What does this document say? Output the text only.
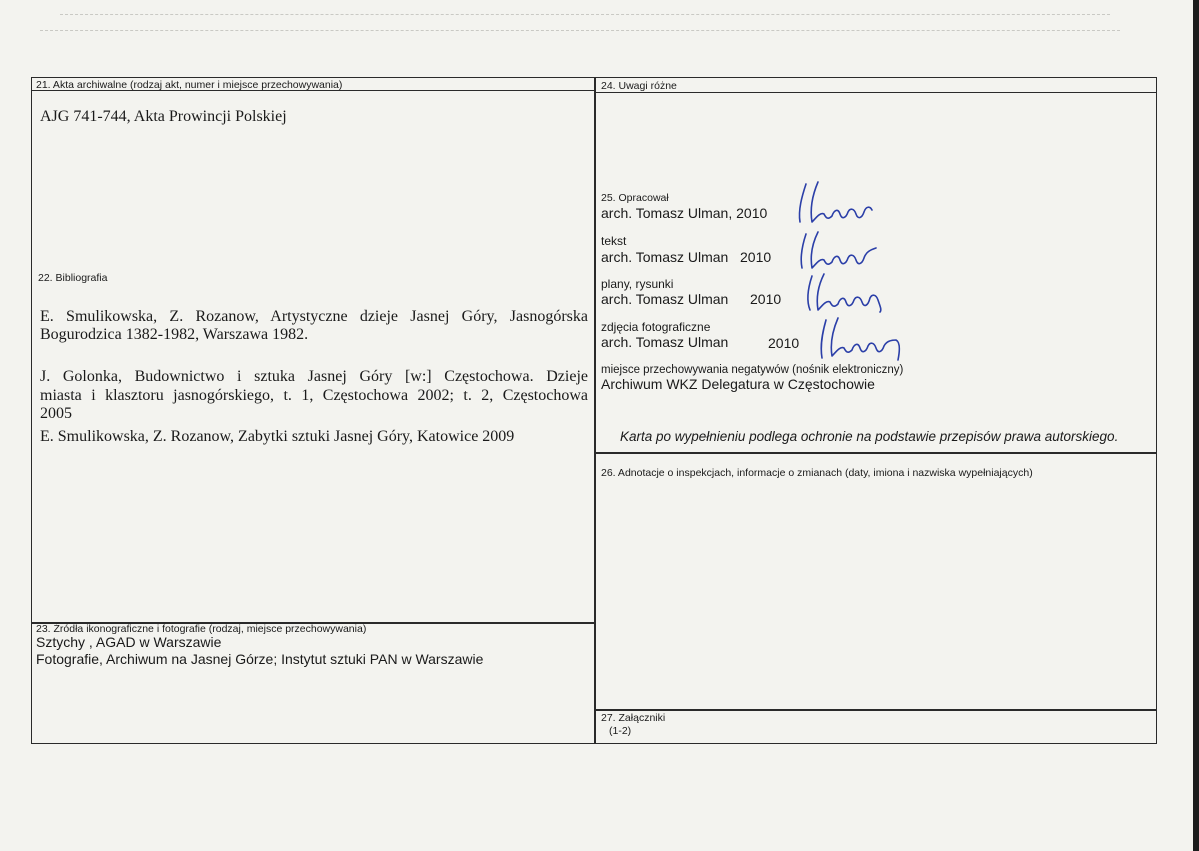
21. Akta archiwalne (rodzaj akt, numer i miejsce przechowywania)
AJG 741-744, Akta Prowincji Polskiej
22. Bibliografia
E. Smulikowska, Z. Rozanow, Artystyczne dzieje Jasnej Góry, Jasnogórska
Bogurodzica 1382-1982, Warszawa 1982.
J. Golonka, Budownictwo i sztuka Jasnej Góry [w:] Częstochowa. Dzieje
miasta i klasztoru jasnogórskiego, t. 1, Częstochowa 2002; t. 2, Częstochowa
2005
E. Smulikowska, Z. Rozanow, Zabytki sztuki Jasnej Góry, Katowice 2009
23. Źródła ikonograficzne i fotografie (rodzaj, miejsce przechowywania)
Sztychy , AGAD w Warszawie
Fotografie, Archiwum na Jasnej Górze; Instytut sztuki PAN w Warszawie
24. Uwagi różne
25. Opracował
arch. Tomasz Ulman, 2010
tekst
arch. Tomasz Ulman 2010
plany, rysunki
arch. Tomasz Ulman 2010
zdjęcia fotograficzne
arch. Tomasz Ulman	2010
miejsce przechowywania negatywów (nośnik elektroniczny)
Archiwum WKZ Delegatura w Częstochowie
Karta po wypełnieniu podlega ochronie na podstawie przepisów prawa autorskiego.
26. Adnotacje o inspekcjach, informacje o zmianach (daty, imiona i nazwiska wypełniających)
27. Załączniki
(1-2)
